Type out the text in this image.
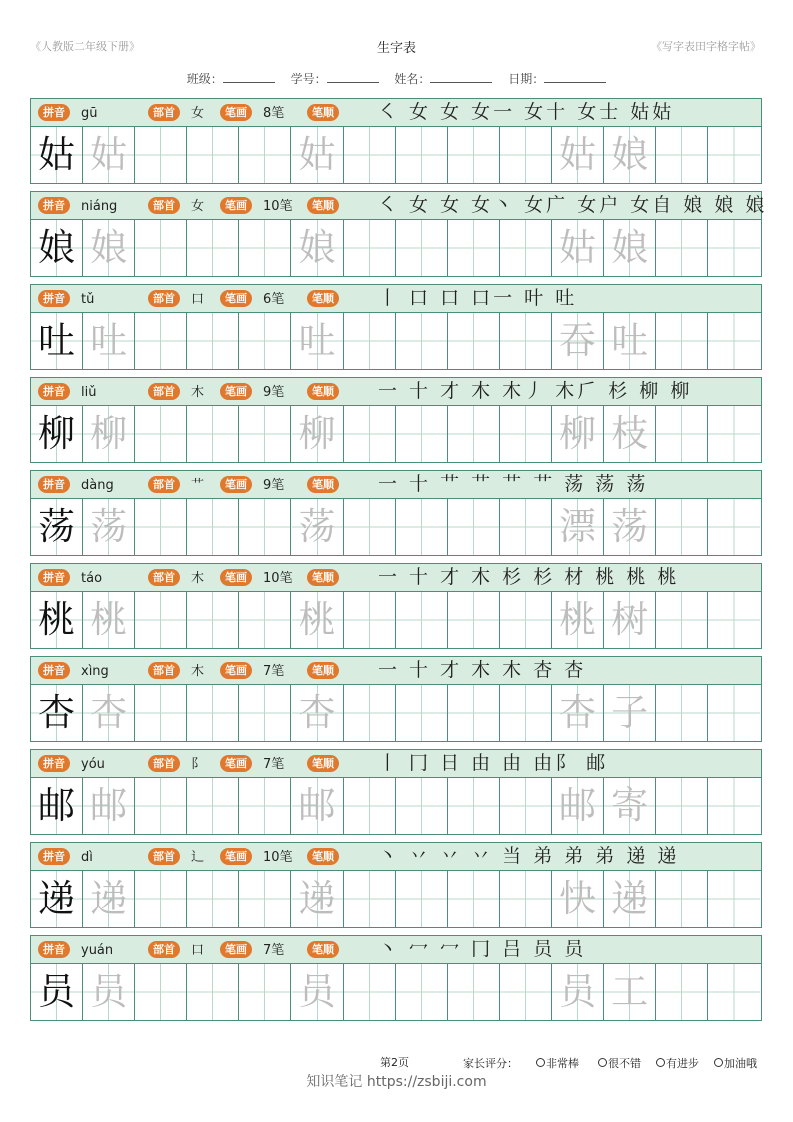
《人教版二年级下册》	生字表	《写字表田字格字帖》
班级：	学号：	姓名：	日期：
拼音	gū	部首	女	笔画	8笔	笔顺 ㇛ 女 女 女一 女十 女士 姑姑
姑 姑	姑	姑 娘
拼音	niáng	部首	女	笔画	10笔	笔顺 ㇛ 女 女 女丶 女广 女户 女自 娘 娘 娘
娘 娘	娘	姑 娘
拼音	tǔ	部首	口	笔画	6笔	笔顺 丨 口 口 口一 叶 吐
吐 吐	吐	吞 吐
拼音	liǔ	部首	木	笔画	9笔	笔顺 一 十 才 木 木丿 木𠂆 杉 柳 柳
柳 柳	柳	柳 枝
拼音	dàng	部首	艹	笔画	9笔	笔顺 一 十 艹 艹 艹 艹 荡 荡 荡
荡 荡	荡	漂 荡
拼音	táo	部首	木	笔画	10笔	笔顺 一 十 才 木 杉 杉 材 桃 桃 桃
桃 桃	桃	桃 树
拼音	xìng	部首	木	笔画	7笔	笔顺 一 十 才 木 木 杏 杏
杏 杏	杏	杏 子
拼音	yóu	部首	阝	笔画	7笔	笔顺 丨 冂 日 由 由 由阝 邮
邮 邮	邮	邮 寄
拼音	dì	部首	辶	笔画	10笔	笔顺 丶 丷 丷 丷 当 弟 弟 弟 递 递
递 递	递	快 递
拼音	yuán	部首	口	笔画	7笔	笔顺 丶 冖 冖 冂 吕 员 员
员 员	员	员 工
第2页	家长评分：	非常棒	很不错	有进步	加油哦
知识笔记 https://zsbiji.com
